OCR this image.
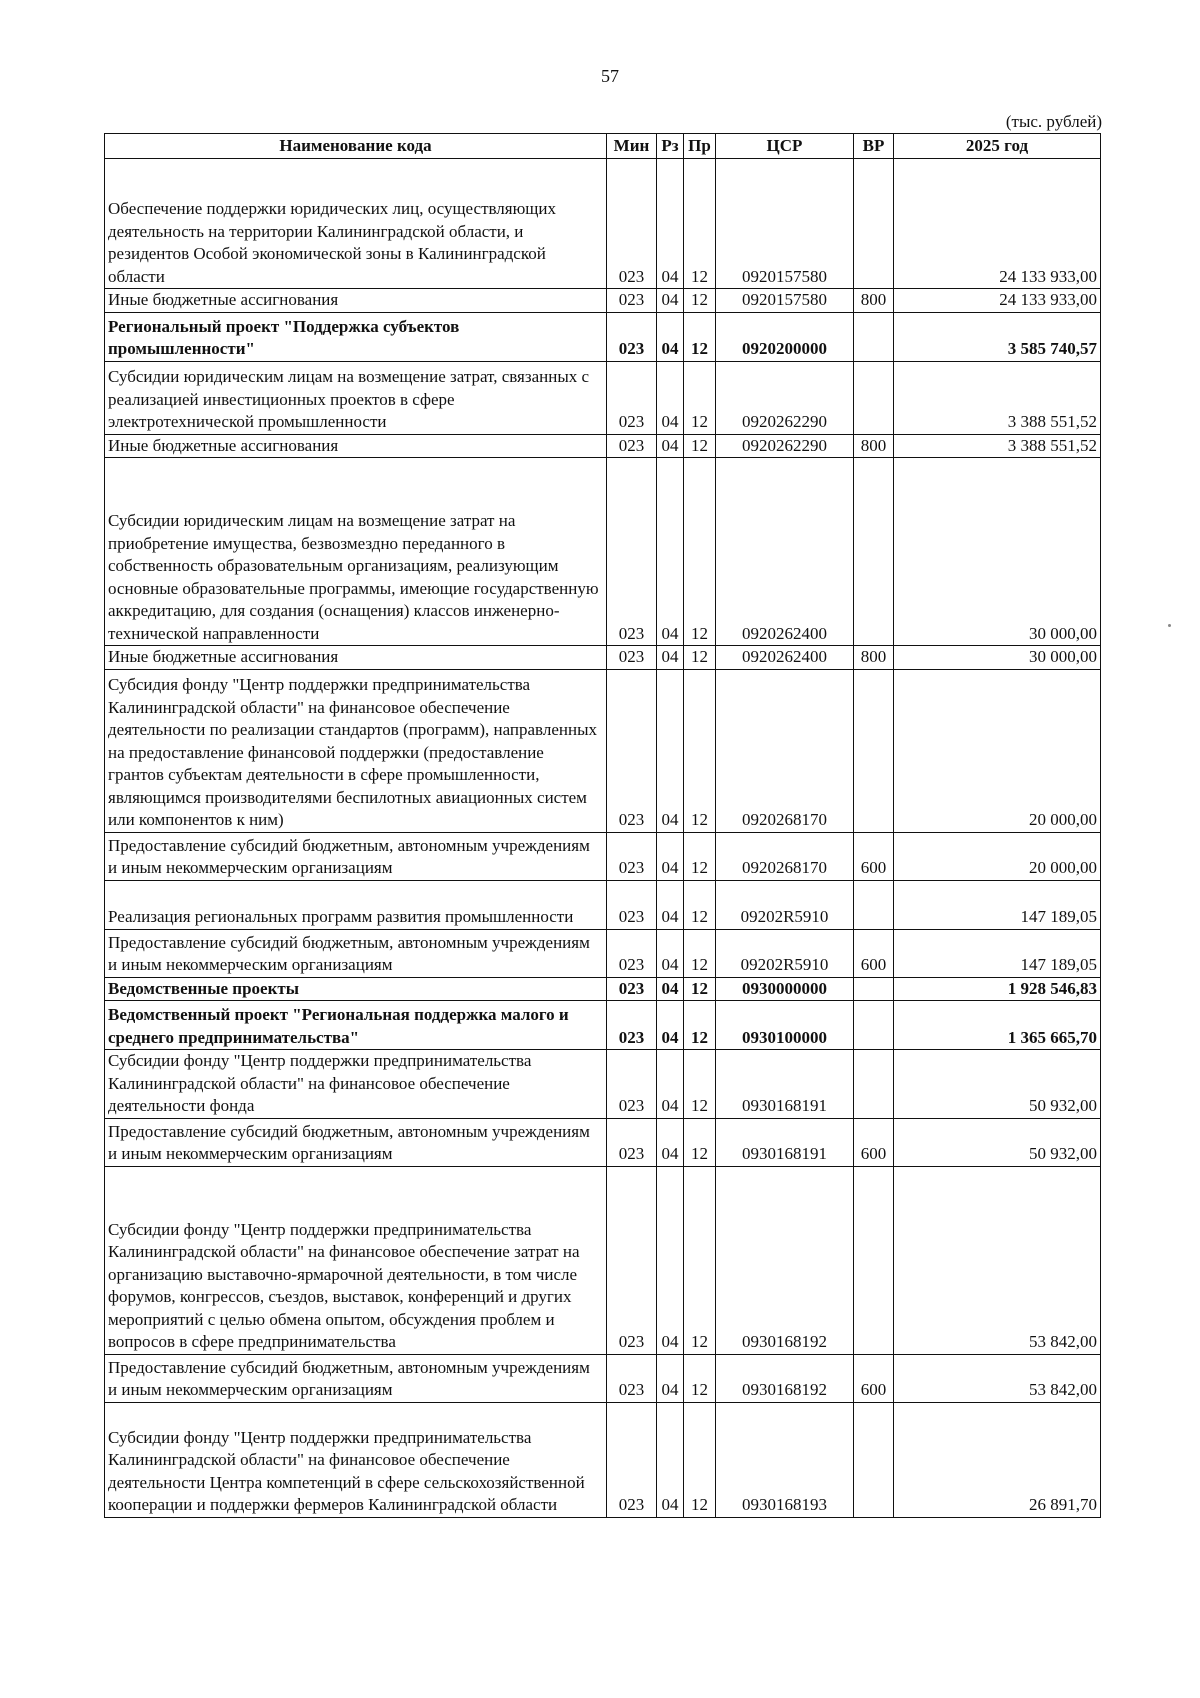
57
(тыс. рублей)
Наименование кода	Мин	Рз	Пр	ЦСР	ВР	2025 год
Обеспечение поддержки юридических лиц, осуществляющих деятельность на территории Калининградской области, и резидентов Особой экономической зоны в Калининградской области	023	04	12	0920157580		24 133 933,00
Иные бюджетные ассигнования	023	04	12	0920157580	800	24 133 933,00
Региональный проект "Поддержка субъектов промышленности"	023	04	12	0920200000		3 585 740,57
Субсидии юридическим лицам на возмещение затрат, связанных с реализацией инвестиционных проектов в сфере электротехнической промышленности	023	04	12	0920262290		3 388 551,52
Иные бюджетные ассигнования	023	04	12	0920262290	800	3 388 551,52
Субсидии юридическим лицам на возмещение затрат на приобретение имущества, безвозмездно переданного в собственность образовательным организациям, реализующим основные образовательные программы, имеющие государственную аккредитацию, для создания (оснащения) классов инженерно-технической направленности	023	04	12	0920262400		30 000,00
Иные бюджетные ассигнования	023	04	12	0920262400	800	30 000,00
Субсидия фонду "Центр поддержки предпринимательства Калининградской области" на финансовое обеспечение деятельности по реализации стандартов (программ), направленных на предоставление финансовой поддержки (предоставление грантов субъектам деятельности в сфере промышленности, являющимся производителями беспилотных авиационных систем или компонентов к ним)	023	04	12	0920268170		20 000,00
Предоставление субсидий бюджетным, автономным учреждениям и иным некоммерческим организациям	023	04	12	0920268170	600	20 000,00
Реализация региональных программ развития промышленности	023	04	12	09202R5910		147 189,05
Предоставление субсидий бюджетным, автономным учреждениям и иным некоммерческим организациям	023	04	12	09202R5910	600	147 189,05
Ведомственные проекты	023	04	12	0930000000		1 928 546,83
Ведомственный проект "Региональная поддержка малого и среднего предпринимательства"	023	04	12	0930100000		1 365 665,70
Субсидии фонду "Центр поддержки предпринимательства Калининградской области" на финансовое обеспечение деятельности фонда	023	04	12	0930168191		50 932,00
Предоставление субсидий бюджетным, автономным учреждениям и иным некоммерческим организациям	023	04	12	0930168191	600	50 932,00
Субсидии фонду "Центр поддержки предпринимательства Калининградской области" на финансовое обеспечение затрат на организацию выставочно-ярмарочной деятельности, в том числе форумов, конгрессов, съездов, выставок, конференций и других мероприятий с целью обмена опытом, обсуждения проблем и вопросов в сфере предпринимательства	023	04	12	0930168192		53 842,00
Предоставление субсидий бюджетным, автономным учреждениям и иным некоммерческим организациям	023	04	12	0930168192	600	53 842,00
Субсидии фонду "Центр поддержки предпринимательства Калининградской области" на финансовое обеспечение деятельности Центра компетенций в сфере сельскохозяйственной кооперации и поддержки фермеров Калининградской области	023	04	12	0930168193		26 891,70
